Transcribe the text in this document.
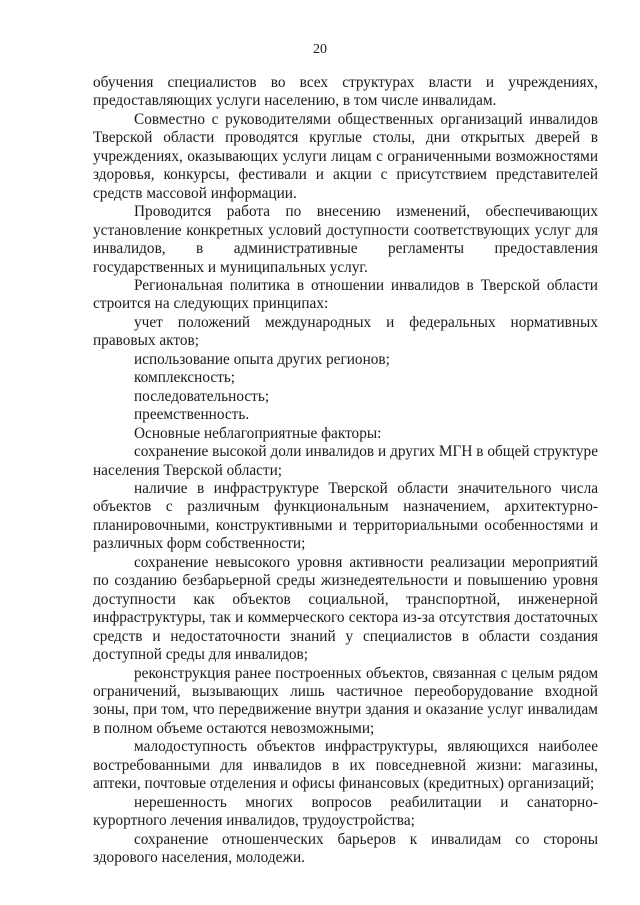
20

обучения специалистов во всех структурах власти и учреждениях, предоставляющих услуги населению, в том числе инвалидам.

Совместно с руководителями общественных организаций инвалидов Тверской области проводятся круглые столы, дни открытых дверей в учреждениях, оказывающих услуги лицам с ограниченными возможностями здоровья, конкурсы, фестивали и акции с присутствием представителей средств массовой информации.

Проводится работа по внесению изменений, обеспечивающих установление конкретных условий доступности соответствующих услуг для инвалидов, в административные регламенты предоставления государственных и муниципальных услуг.

Региональная политика в отношении инвалидов в Тверской области строится на следующих принципах:

учет положений международных и федеральных нормативных правовых актов;

использование опыта других регионов;

комплексность;

последовательность;

преемственность.

Основные неблагоприятные факторы:

сохранение высокой доли инвалидов и других МГН в общей структуре населения Тверской области;

наличие в инфраструктуре Тверской области значительного числа объектов с различным функциональным назначением, архитектурно-планировочными, конструктивными и территориальными особенностями и различных форм собственности;

сохранение невысокого уровня активности реализации мероприятий по созданию безбарьерной среды жизнедеятельности и повышению уровня доступности как объектов социальной, транспортной, инженерной инфраструктуры, так и коммерческого сектора из-за отсутствия достаточных средств и недостаточности знаний у специалистов в области создания доступной среды для инвалидов;

реконструкция ранее построенных объектов, связанная с целым рядом ограничений, вызывающих лишь частичное переоборудование входной зоны, при том, что передвижение внутри здания и оказание услуг инвалидам в полном объеме остаются невозможными;

малодоступность объектов инфраструктуры, являющихся наиболее востребованными для инвалидов в их повседневной жизни: магазины, аптеки, почтовые отделения и офисы финансовых (кредитных) организаций;

нерешенность многих вопросов реабилитации и санаторно-курортного лечения инвалидов, трудоустройства;

сохранение отношенческих барьеров к инвалидам со стороны здорового населения, молодежи.
